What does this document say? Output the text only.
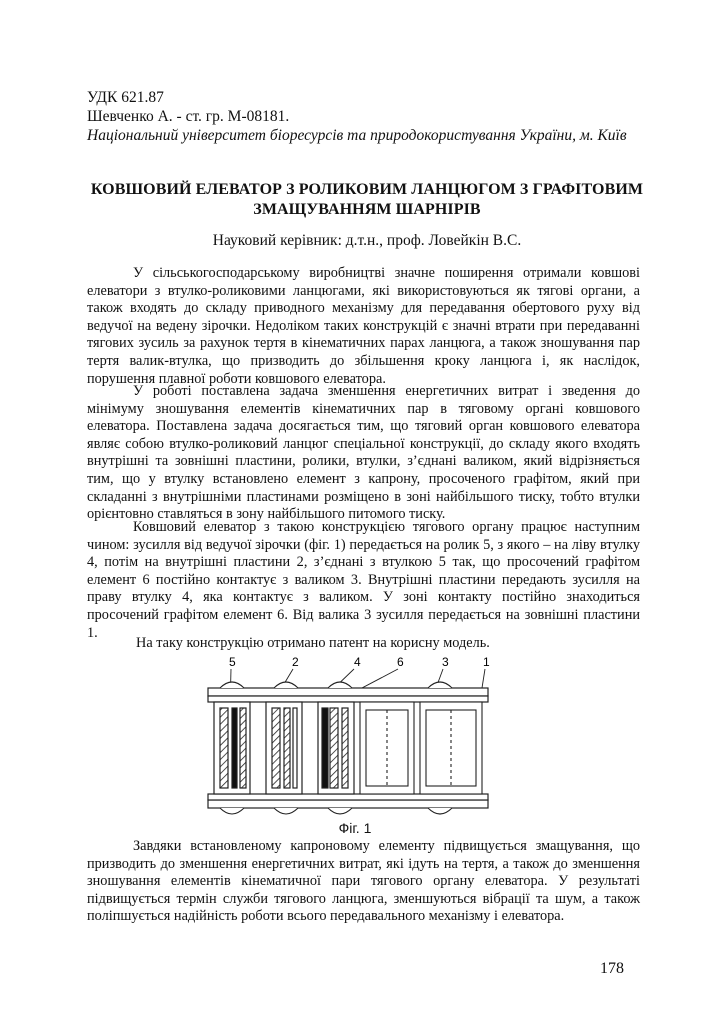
УДК 621.87
Шевченко А. - ст. гр. М-08181.
Національний університет біоресурсів та природокористування України, м. Київ
КОВШОВИЙ ЕЛЕВАТОР З РОЛИКОВИМ ЛАНЦЮГОМ З ГРАФІТОВИМ ЗМАЩУВАННЯМ ШАРНІРІВ
Науковий керівник: д.т.н., проф. Ловейкін В.С.

У сільськогосподарському виробництві значне поширення отримали ковшові елеватори з втулко-роликовими ланцюгами, які використовуються як тягові органи, а також входять до складу приводного механізму для передавання обертового руху від ведучої на ведену зірочки. Недоліком таких конструкцій є значні втрати при передаванні тягових зусиль за рахунок тертя в кінематичних парах ланцюга, а також зношування пар тертя валик-втулка, що призводить до збільшення кроку ланцюга і, як наслідок, порушення плавної роботи ковшового елеватора.

У роботі поставлена задача зменшення енергетичних витрат і зведення до мінімуму зношування елементів кінематичних пар в тяговому органі ковшового елеватора. Поставлена задача досягається тим, що тяговий орган ковшового елеватора являє собою втулко-роликовий ланцюг спеціальної конструкції, до складу якого входять внутрішні та зовнішні пластини, ролики, втулки, з’єднані валиком, який відрізняється тим, що у втулку встановлено елемент з капрону, просоченого графітом, який при складанні з внутрішніми пластинами розміщено в зоні найбільшого тиску, тобто втулки орієнтовно ставляться в зону найбільшого питомого тиску.

Ковшовий елеватор з такою конструкцією тягового органу працює наступним чином: зусилля від ведучої зірочки (фіг. 1) передається на ролик 5, з якого – на ліву втулку 4, потім на внутрішні пластини 2, з’єднані з втулкою 5 так, що просочений графітом елемент 6 постійно контактує з валиком 3. Внутрішні пластини передають зусилля на праву втулку 4, яка контактує з валиком. У зоні контакту постійно знаходиться просочений графітом елемент 6. Від валика 3 зусилля передається на зовнішні пластини 1.

На таку конструкцію отримано патент на корисну модель.

5	2	4	6	3	1
Фіг. 1

Завдяки встановленому капроновому елементу підвищується змащування, що призводить до зменшення енергетичних витрат, які ідуть на тертя, а також до зменшення зношування елементів кінематичної пари тягового органу елеватора. У результаті підвищується термін служби тягового ланцюга, зменшуються вібрації та шум, а також поліпшується надійність роботи всього передавального механізму і елеватора.

178
